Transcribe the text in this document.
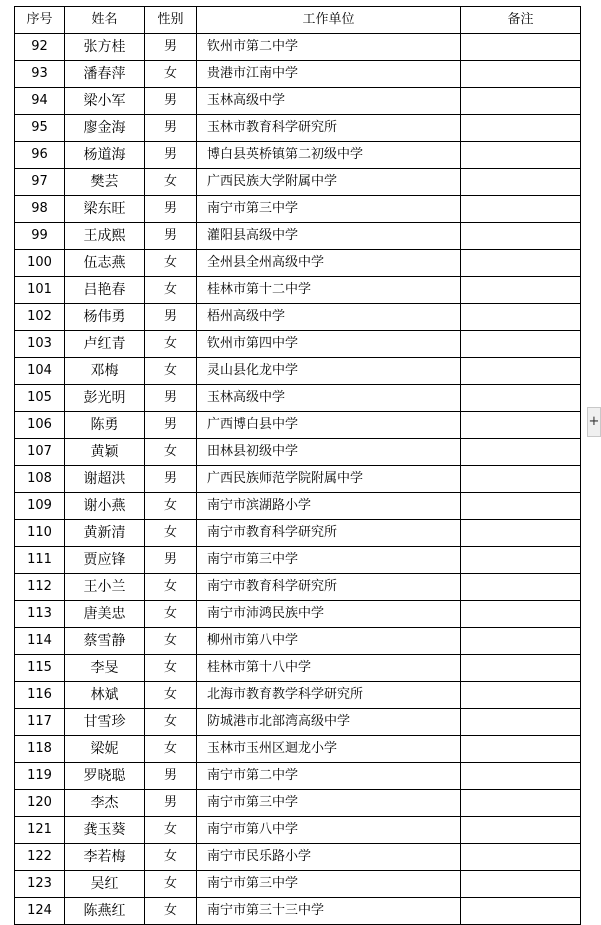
序号	姓名	性别	工作单位	备注
92	张方桂	男	钦州市第二中学	
93	潘春萍	女	贵港市江南中学	
94	梁小军	男	玉林高级中学	
95	廖金海	男	玉林市教育科学研究所	
96	杨道海	男	博白县英桥镇第二初级中学	
97	樊芸	女	广西民族大学附属中学	
98	梁东旺	男	南宁市第三中学	
99	王成熙	男	灌阳县高级中学	
100	伍志燕	女	全州县全州高级中学	
101	吕艳春	女	桂林市第十二中学	
102	杨伟勇	男	梧州高级中学	
103	卢红青	女	钦州市第四中学	
104	邓梅	女	灵山县化龙中学	
105	彭光明	男	玉林高级中学	
106	陈勇	男	广西博白县中学	
107	黄颖	女	田林县初级中学	
108	谢超洪	男	广西民族师范学院附属中学	
109	谢小燕	女	南宁市滨湖路小学	
110	黄新清	女	南宁市教育科学研究所	
111	贾应锋	男	南宁市第三中学	
112	王小兰	女	南宁市教育科学研究所	
113	唐美忠	女	南宁市沛鸿民族中学	
114	蔡雪静	女	柳州市第八中学	
115	李旻	女	桂林市第十八中学	
116	林斌	女	北海市教育教学科学研究所	
117	甘雪珍	女	防城港市北部湾高级中学	
118	梁妮	女	玉林市玉州区迴龙小学	
119	罗晓聪	男	南宁市第二中学	
120	李杰	男	南宁市第三中学	
121	龚玉葵	女	南宁市第八中学	
122	李若梅	女	南宁市民乐路小学	
123	吴红	女	南宁市第三中学	
124	陈燕红	女	南宁市第三十三中学	
+
